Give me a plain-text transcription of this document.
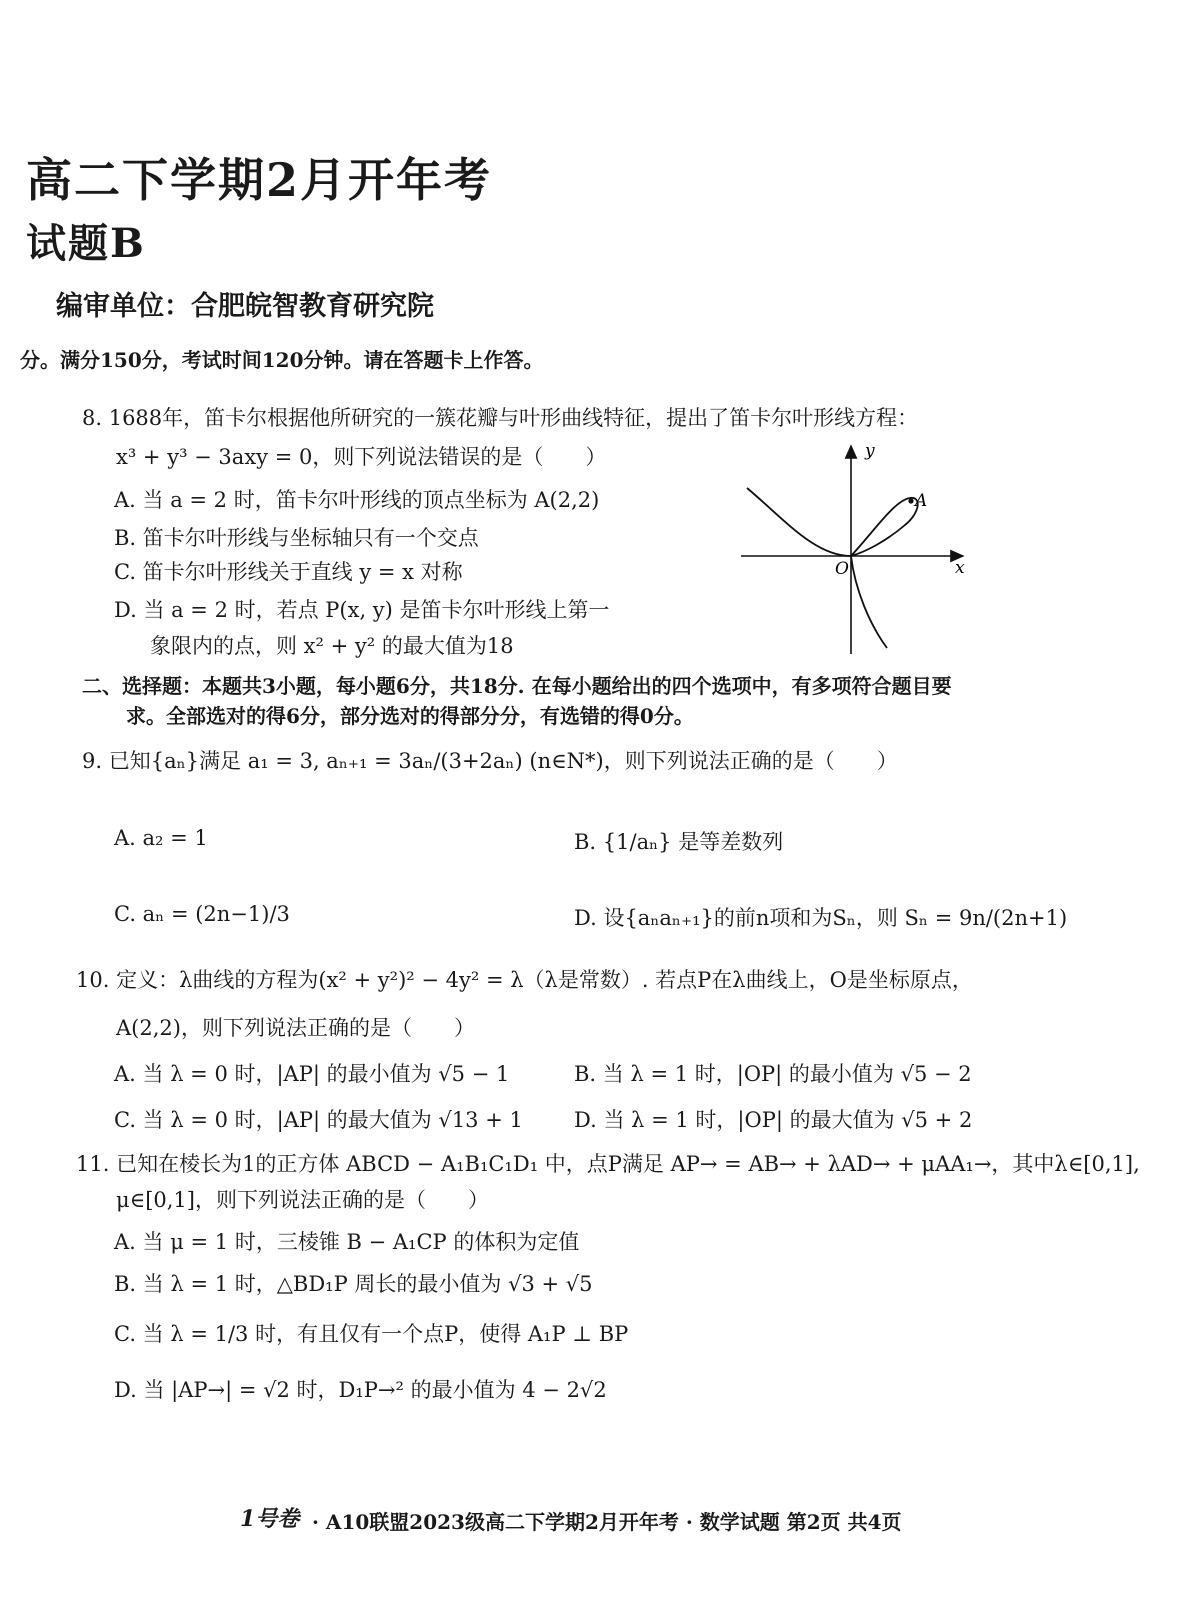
高二下学期2月开年考
试题B
编审单位：合肥皖智教育研究院
分。满分150分，考试时间120分钟。请在答题卡上作答。
8. 1688年，笛卡尔根据他所研究的一簇花瓣与叶形曲线特征，提出了笛卡尔叶形线方程：
x³ + y³ − 3axy = 0，则下列说法错误的是（　　）
A. 当 a = 2 时，笛卡尔叶形线的顶点坐标为 A(2,2)
B. 笛卡尔叶形线与坐标轴只有一个交点
C. 笛卡尔叶形线关于直线 y = x 对称
D. 当 a = 2 时，若点 P(x, y) 是笛卡尔叶形线上第一
象限内的点，则 x² + y² 的最大值为18
y
x
O
A
二、选择题：本题共3小题，每小题6分，共18分. 在每小题给出的四个选项中，有多项符合题目要
求。全部选对的得6分，部分选对的得部分分，有选错的得0分。
9. 已知{aₙ}满足 a₁ = 3, aₙ₊₁ = 3aₙ/(3+2aₙ) (n∈N*)，则下列说法正确的是（　　）
A. a₂ = 1	B. {1/aₙ} 是等差数列
C. aₙ = (2n−1)/3	D. 设{aₙaₙ₊₁}的前n项和为Sₙ，则 Sₙ = 9n/(2n+1)
10. 定义：λ曲线的方程为(x² + y²)² − 4y² = λ（λ是常数）. 若点P在λ曲线上，O是坐标原点，
A(2,2)，则下列说法正确的是（　　）
A. 当 λ = 0 时，|AP| 的最小值为 √5 − 1	B. 当 λ = 1 时，|OP| 的最小值为 √5 − 2
C. 当 λ = 0 时，|AP| 的最大值为 √13 + 1 D. 当 λ = 1 时，|OP| 的最大值为 √5 + 2
11. 已知在棱长为1的正方体 ABCD − A₁B₁C₁D₁ 中，点P满足 AP→ = AB→ + λAD→ + μAA₁→，其中λ∈[0,1],
μ∈[0,1]，则下列说法正确的是（　　）
A. 当 μ = 1 时，三棱锥 B − A₁CP 的体积为定值
B. 当 λ = 1 时，△BD₁P 周长的最小值为 √3 + √5
C. 当 λ = 1/3 时，有且仅有一个点P，使得 A₁P ⊥ BP
D. 当 |AP→| = √2 时，D₁P→² 的最小值为 4 − 2√2
1号卷 · A10联盟2023级高二下学期2月开年考 · 数学试题 第2页 共4页
